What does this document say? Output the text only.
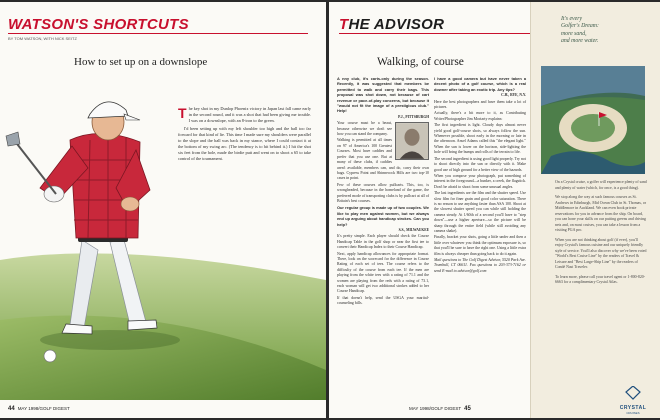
WATSON'S SHORTCUTS
BY TOM WATSON, WITH NICK SEITZ
How to set up on a downslope
T he key shot in my Dunlop Phoenix victory in Japan last fall came early in the second round, and it was a shot that had been giving me trouble. I was on a downslope, with an 8-iron to the green.

I'd been setting up with my left shoulder too high and the ball too far forward for that kind of lie. This time I made sure my shoulders were parallel to the slope and the ball was back in my stance, where I could contact it at the bottom of my swing arc. (The tendency is to hit behind it.) I hit the shot six feet from the hole, made the birdie putt and went on to shoot a 65 to take control of the tournament.

44 MAY 1998/GOLF DIGEST
THE ADVISOR
Walking, of course

A nny club, it's carts-only during the season. Recently, it was suggested that members be permitted to walk and carry their bags. This proposal was shot down, not because of cart revenue or pace-of-play concerns, but because it "would not fit the image of a prestigious club." Help!

P.J., PITTSBURGH

Your course must be a beaut, because otherwise we don't see how you can stand the company.

Walking is permitted at all times on 97 of America's 100 Greatest Courses. Most have caddies and prefer that you use one. But at many of these clubs, if caddies aren't available, members can, and do, carry their own bags. Cypress Point and Shinnecock Hills are two top-10 cases in point.

Few of these courses allow pullcarts. This, too, is wrongheaded, because in the homeland of the game, the preferred mode of transporting clubs is by pullcart at all of Britain's best courses.

Our regular group is made up of two couples. We like to play men against women, but we always end up arguing about handicap strokes. Can you help?

S.S., MILWAUKEE

It's pretty simple. Each player should check the Course Handicap Table in the golf shop or near the first tee to convert their Handicap Index to their Course Handicap.

Next, apply handicap allowances for appropriate format. There, look on the scorecard for the difference in Course Rating of each set of tees. The course refers to the difficulty of the course from each tee. If the men are playing from the white tees with a rating of 71.1 and the women are playing from the reds with a rating of 73.1, each woman will get two additional strokes added to her Course Handicap.

If that doesn't help, send the USGA your marital-counseling bills.

I have a good camera but have never taken a decent photo of a golf course, which is a real downer after taking an exotic trip. Any tips?

C.H., RYE, N.Y.

Here the best photographers and have them take a lot of pictures.

Actually, there's a bit more to it, as Contributing Writer/Photographer Jim Moriarty explains:

The first ingredient is light. Cloudy days almost never yield good golf-course shots, so always follow the sun. Whenever possible, shoot early in the morning or late in the afternoon. Ansel Adams called this "the elegant light." When the sun is lower on the horizon, side-lighting the hole will bring the bumps and rolls of the terrain to life.

The second ingredient is using good light properly. Try not to shoot directly into the sun or directly with it. Make good use of high ground for a better view of the hazards.

When you compose your photograph, put something of interest in the foreground—a bunker, a creek, the flagstick. Don't be afraid to shoot from some unusual angles.

The last ingredients are the film and the shutter speed. Use slow film for finer grain and good color saturation. There is no reason to use anything faster than ASA 100. Shoot at the slowest shutter speed you can while still holding the camera steady. At 1/60th of a second you'll have to "step down"—use a higher aperture—so the picture will be sharp through the entire field (while still avoiding any camera shake).

Finally, bracket your shots, going a little under and then a little over whatever you think the optimum exposure is, so that you'll be sure to have the right one. Using a little extra film is always cheaper than going back to do it again.

Mail questions to The Golf Digest Advisor, 5520 Park Ave. Trumbull, CT 06611. Fax questions to 203-373-7162 or send E-mail to advisor@golf.com

MAY 1998/GOLF DIGEST 45
It's every
Golfer's Dream:
more sand,
and more water.

On a Crystal cruise, a golfer will experience plenty of sand and plenty of water (which, for once, is a good thing).

We stop along the way at such famous courses as St. Andrews in Edinburgh, Mid Ocean Club in St. Thomas, or Middlemore in Auckland. We can even book private reservations for you in advance from the ship. On board, you can hone your skills on our putting greens and driving nets and, on most cruises, you can take a lesson from a visiting PGA pro.

When you are not thinking about golf (if ever), you'll enjoy Crystal's famous cuisine and our uniquely friendly style of service. You'll also discover why we've been voted "World's Best Cruise Line" by the readers of Travel & Leisure and "Best Large-Ship Line" by the readers of Condé Nast Traveler.

To learn more, please call your travel agent or 1-800-820-6663 for a complimentary Crystal Atlas.

CRYSTAL
CRUISES
